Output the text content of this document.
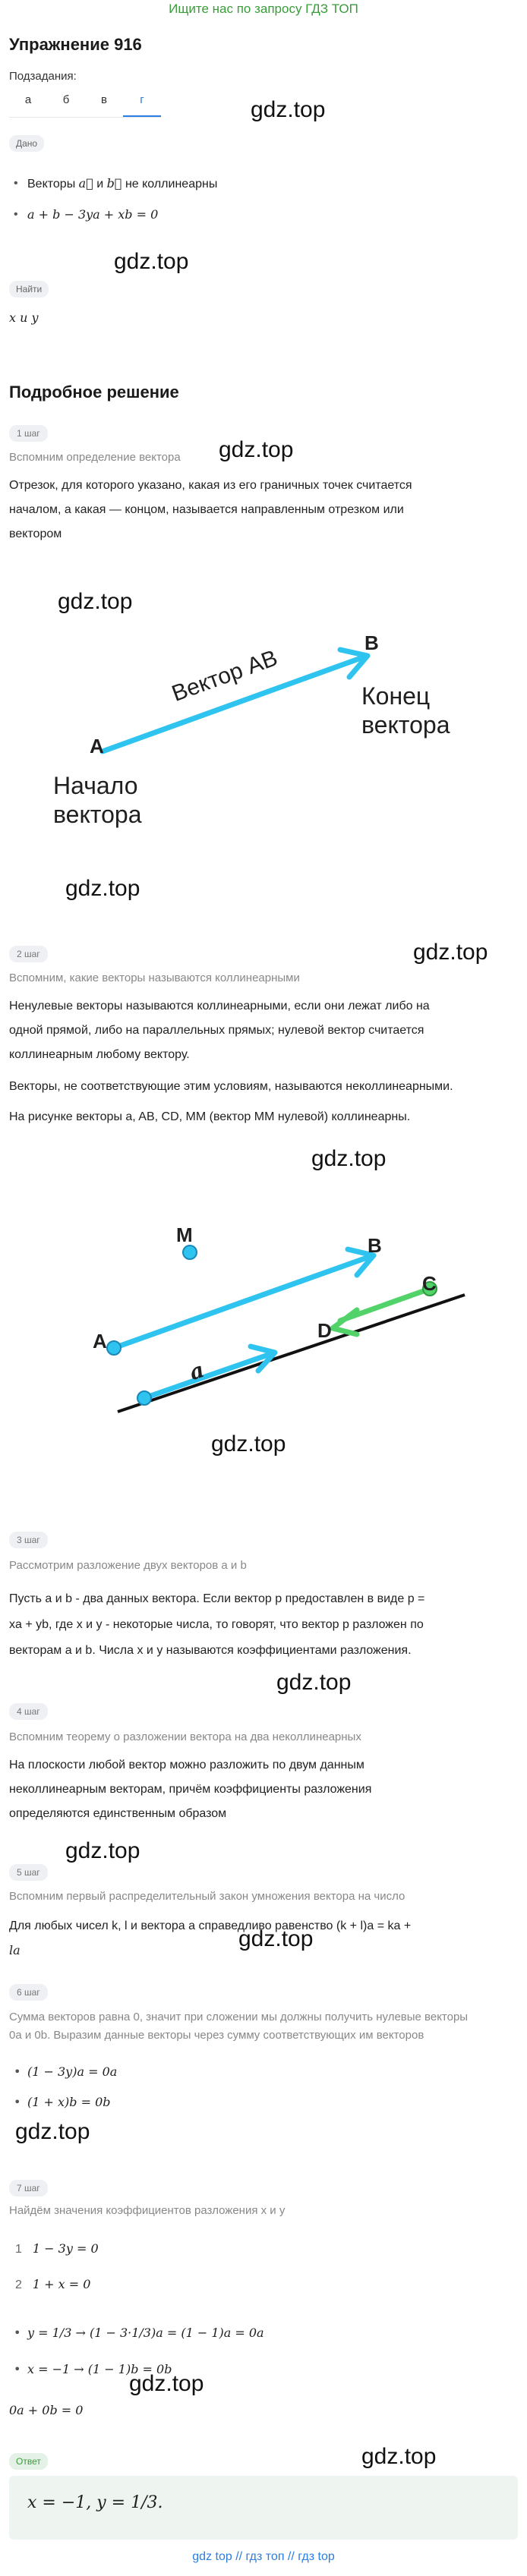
Ищите нас по запросу ГДЗ ТОП
Упражнение 916
Подзадания:
а	б	в	г	gdz.top
gdz.top
gdz.top
gdz.top
gdz.top
gdz.top
gdz.top
gdz.top
gdz.top
gdz.top
gdz.top
gdz.top
gdz.top
gdz.top
Дано
• Векторы a⃗ и b⃗ не коллинеарны
• a + b − 3ya + xb = 0
Найти
x и y
Подробное решение
1 шаг
Вспомним определение вектора
Отрезок, для которого указано, какая из его граничных точек считается
началом, а какая — концом, называется направленным отрезком или
вектором
A
B
Вектор AB
Начало
вектора
Конец
вектора
2 шаг
Вспомним, какие векторы называются коллинеарными
Ненулевые векторы называются коллинеарными, если они лежат либо на
одной прямой, либо на параллельных прямых; нулевой вектор считается
коллинеарным любому вектору.
Векторы, не соответствующие этим условиям, называются неколлинеарными.
На рисунке векторы a, AB, CD, MM (вектор MM нулевой) коллинеарны.
M
A
B
C
D
a
3 шаг
Рассмотрим разложение двух векторов a и b
Пусть a и b - два данных вектора. Если вектор p предоставлен в виде p =
xa + yb, где x и y - некоторые числа, то говорят, что вектор p разложен по
векторам a и b. Числа x и y называются коэффициентами разложения.
4 шаг
Вспомним теорему о разложении вектора на два неколлинеарных
На плоскости любой вектор можно разложить по двум данным
неколлинеарным векторам, причём коэффициенты разложения
определяются единственным образом
5 шаг
Вспомним первый распределительный закон умножения вектора на число
Для любых чисел k, l и вектора a справедливо равенство (k + l)a = ka +
la
6 шаг
Сумма векторов равна 0, значит при сложении мы должны получить нулевые векторы
0a и 0b. Выразим данные векторы через сумму соответствующих им векторов
• (1 − 3y)a = 0a
• (1 + x)b = 0b
7 шаг
Найдём значения коэффициентов разложения x и y
1 1 − 3y = 0
2 1 + x = 0
• y = 1/3 → (1 − 3·1/3)a = (1 − 1)a = 0a
• x = −1 → (1 − 1)b = 0b
0a + 0b = 0
Ответ
x = −1, y = 1/3.
gdz top // гдз топ // гдз top
